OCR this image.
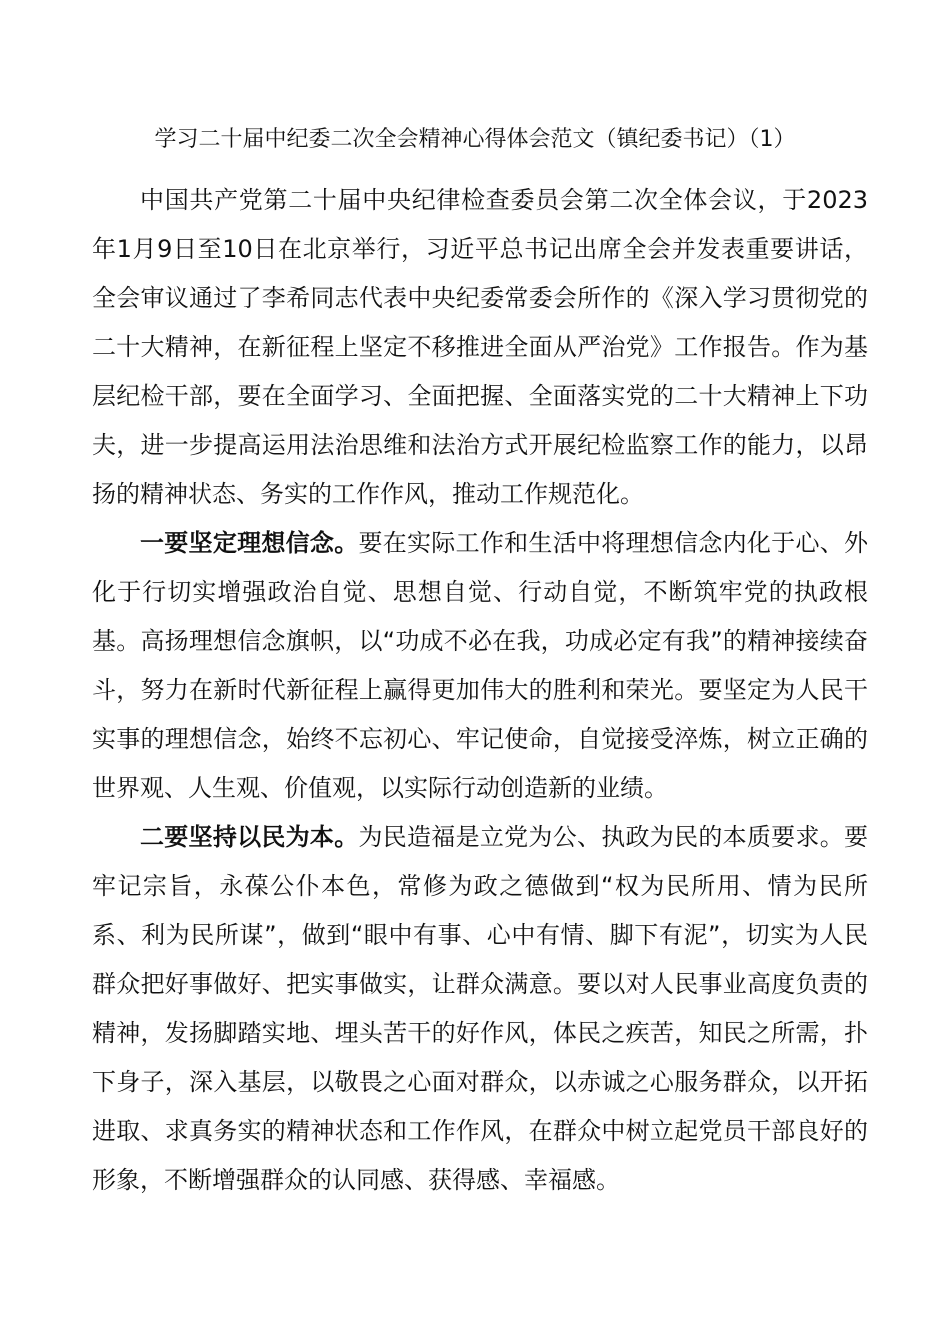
学习二十届中纪委二次全会精神心得体会范文（镇纪委书记）（1）

中国共产党第二十届中央纪律检查委员会第二次全体会议，于2023年1月9日至10日在北京举行，习近平总书记出席全会并发表重要讲话，全会审议通过了李希同志代表中央纪委常委会所作的《深入学习贯彻党的二十大精神，在新征程上坚定不移推进全面从严治党》工作报告。作为基层纪检干部，要在全面学习、全面把握、全面落实党的二十大精神上下功夫，进一步提高运用法治思维和法治方式开展纪检监察工作的能力，以昂扬的精神状态、务实的工作作风，推动工作规范化。

一要坚定理想信念。要在实际工作和生活中将理想信念内化于心、外化于行切实增强政治自觉、思想自觉、行动自觉，不断筑牢党的执政根基。高扬理想信念旗帜，以“功成不必在我，功成必定有我”的精神接续奋斗，努力在新时代新征程上赢得更加伟大的胜利和荣光。要坚定为人民干实事的理想信念，始终不忘初心、牢记使命，自觉接受淬炼，树立正确的世界观、人生观、价值观，以实际行动创造新的业绩。

二要坚持以民为本。为民造福是立党为公、执政为民的本质要求。要牢记宗旨，永葆公仆本色，常修为政之德做到“权为民所用、情为民所系、利为民所谋”，做到“眼中有事、心中有情、脚下有泥”，切实为人民群众把好事做好、把实事做实，让群众满意。要以对人民事业高度负责的精神，发扬脚踏实地、埋头苦干的好作风，体民之疾苦，知民之所需，扑下身子，深入基层，以敬畏之心面对群众，以赤诚之心服务群众，以开拓进取、求真务实的精神状态和工作作风，在群众中树立起党员干部良好的形象，不断增强群众的认同感、获得感、幸福感。
